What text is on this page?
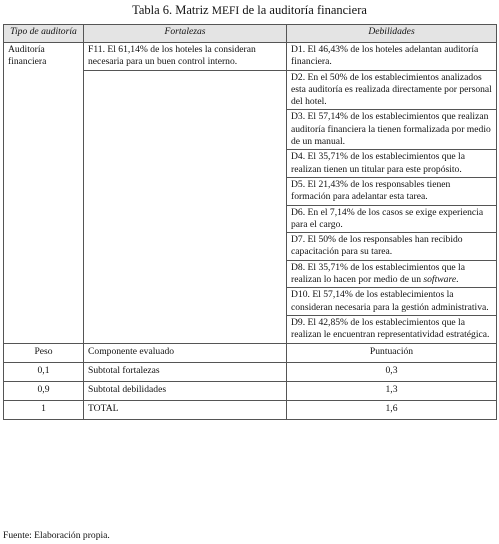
Tabla 6. Matriz MEFI de la auditoría financiera
Tipo de auditoría	Fortalezas	Debilidades
Auditoría financiera	F11. El 61,14% de los hoteles la consideran necesaria para un buen control interno.	D1. El 46,43% de los hoteles adelantan auditoría financiera.
		D2. En el 50% de los establecimientos analizados esta auditoría es realizada directamente por personal del hotel.
		D3. El 57,14% de los establecimientos que realizan auditoría financiera la tienen formalizada por medio de un manual.
		D4. El 35,71% de los establecimientos que la realizan tienen un titular para este propósito.
		D5. El 21,43% de los responsables tienen formación para adelantar esta tarea.
		D6. En el 7,14% de los casos se exige experiencia para el cargo.
		D7. El 50% de los responsables han recibido capacitación para su tarea.
		D8. El 35,71% de los establecimientos que la realizan lo hacen por medio de un software.
		D10. El 57,14% de los establecimientos la consideran necesaria para la gestión administrativa.
		D9. El 42,85% de los establecimientos que la realizan le encuentran representatividad estratégica.
Peso	Componente evaluado	Puntuación
0,1	Subtotal fortalezas	0,3
0,9	Subtotal debilidades	1,3
1	TOTAL	1,6
Fuente: Elaboración propia.
